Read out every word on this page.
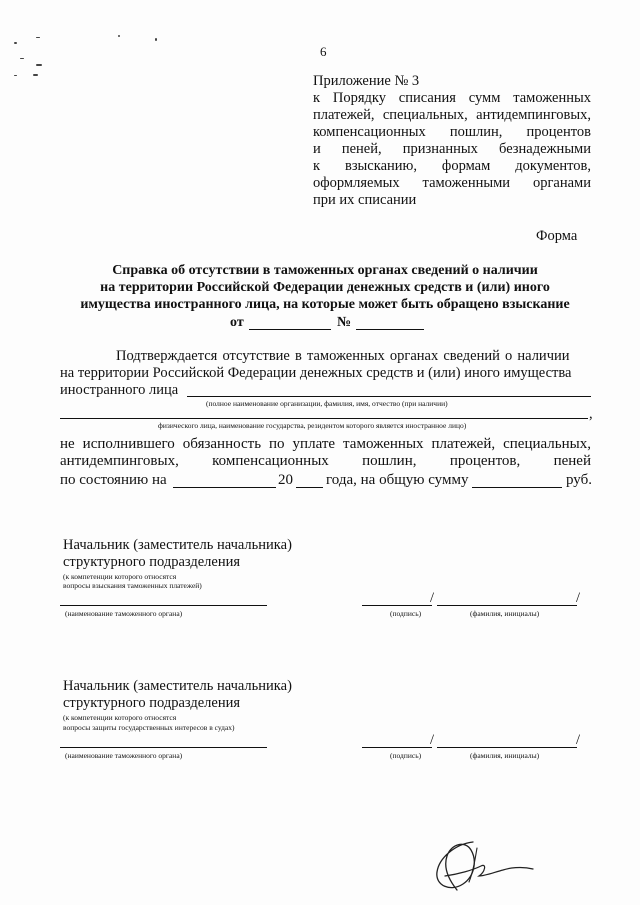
6
Приложение № 3
к Порядку списания сумм таможенных
платежей, специальных, антидемпинговых,
компенсационных пошлин, процентов
и пеней, признанных безнадежными
к взысканию, формам документов,
оформляемых таможенными органами
при их списании
Форма
Справка об отсутствии в таможенных органах сведений о наличии
на территории Российской Федерации денежных средств и (или) иного
имущества иностранного лица, на которые может быть обращено взыскание
от	№
Подтверждается отсутствие в таможенных органах сведений о наличии
на территории Российской Федерации денежных средств и (или) иного имущества
иностранного лица
(полное наименование организации, фамилия, имя, отчество (при наличии)
,
физического лица, наименование государства, резидентом которого является иностранное лицо)
не исполнившего обязанность по уплате таможенных платежей, специальных,
антидемпинговых, компенсационных пошлин, процентов, пеней
по состоянию на	20 года, на общую сумму	руб.
Начальник (заместитель начальника)
структурного подразделения
(к компетенции которого относятся
вопросы взыскания таможенных платежей)
(наименование таможенного органа)
/	/
(подпись)	(фамилия, инициалы)
Начальник (заместитель начальника)
структурного подразделения
(к компетенции которого относятся
вопросы защиты государственных интересов в судах)
(наименование таможенного органа)
/	/
(подпись)	(фамилия, инициалы)
